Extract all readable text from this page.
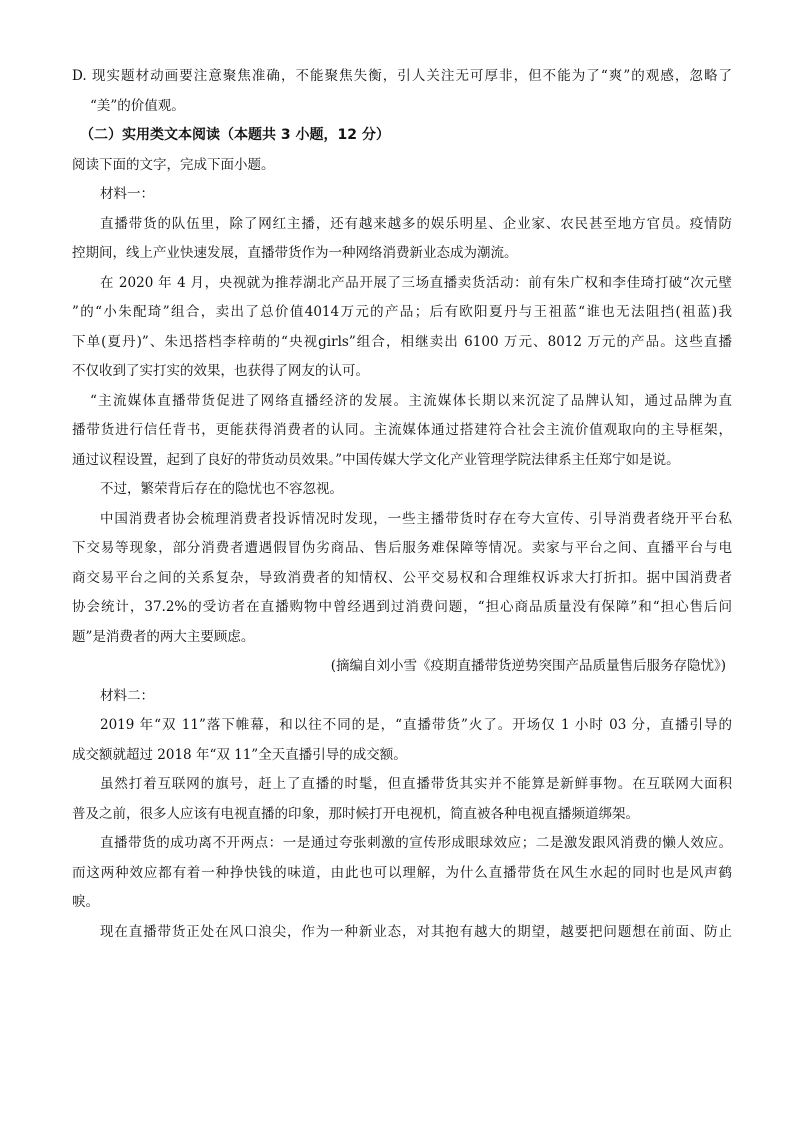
D. 现实题材动画要注意聚焦准确，不能聚焦失衡，引人关注无可厚非，但不能为了“爽”的观感，忽略了

“美”的价值观。

（二）实用类文本阅读（本题共 3 小题，12 分）

阅读下面的文字，完成下面小题。

材料一：

直播带货的队伍里，除了网红主播，还有越来越多的娱乐明星、企业家、农民甚至地方官员。疫情防

控期间，线上产业快速发展，直播带货作为一种网络消费新业态成为潮流。

在 2020 年 4 月，央视就为推荐湖北产品开展了三场直播卖货活动：前有朱广权和李佳琦打破“次元壁

”的“小朱配琦”组合，卖出了总价值4014万元的产品；后有欧阳夏丹与王祖蓝“谁也无法阻挡(祖蓝)我

下单(夏丹)”、朱迅搭档李梓萌的“央视girls”组合，相继卖出 6100 万元、8012 万元的产品。这些直播

不仅收到了实打实的效果，也获得了网友的认可。

“主流媒体直播带货促进了网络直播经济的发展。主流媒体长期以来沉淀了品牌认知，通过品牌为直

播带货进行信任背书，更能获得消费者的认同。主流媒体通过搭建符合社会主流价值观取向的主导框架，

通过议程设置，起到了良好的带货动员效果。”中国传媒大学文化产业管理学院法律系主任郑宁如是说。

不过，繁荣背后存在的隐忧也不容忽视。

中国消费者协会梳理消费者投诉情况时发现，一些主播带货时存在夸大宣传、引导消费者绕开平台私

下交易等现象，部分消费者遭遇假冒伪劣商品、售后服务难保障等情况。卖家与平台之间、直播平台与电

商交易平台之间的关系复杂，导致消费者的知情权、公平交易权和合理维权诉求大打折扣。据中国消费者

协会统计，37.2%的受访者在直播购物中曾经遇到过消费问题，“担心商品质量没有保障”和“担心售后问

题”是消费者的两大主要顾虑。

(摘编自刘小雪《疫期直播带货逆势突围产品质量售后服务存隐忧》)

材料二：

2019 年“双 11”落下帷幕，和以往不同的是，“直播带货”火了。开场仅 1 小时 03 分，直播引导的

成交额就超过 2018 年“双 11”全天直播引导的成交额。

虽然打着互联网的旗号，赶上了直播的时髦，但直播带货其实并不能算是新鲜事物。在互联网大面积

普及之前，很多人应该有电视直播的印象，那时候打开电视机，简直被各种电视直播频道绑架。

直播带货的成功离不开两点：一是通过夸张刺激的宣传形成眼球效应；二是激发跟风消费的懒人效应。

而这两种效应都有着一种挣快钱的味道，由此也可以理解，为什么直播带货在风生水起的同时也是风声鹤

唳。

现在直播带货正处在风口浪尖，作为一种新业态，对其抱有越大的期望，越要把问题想在前面、防止
